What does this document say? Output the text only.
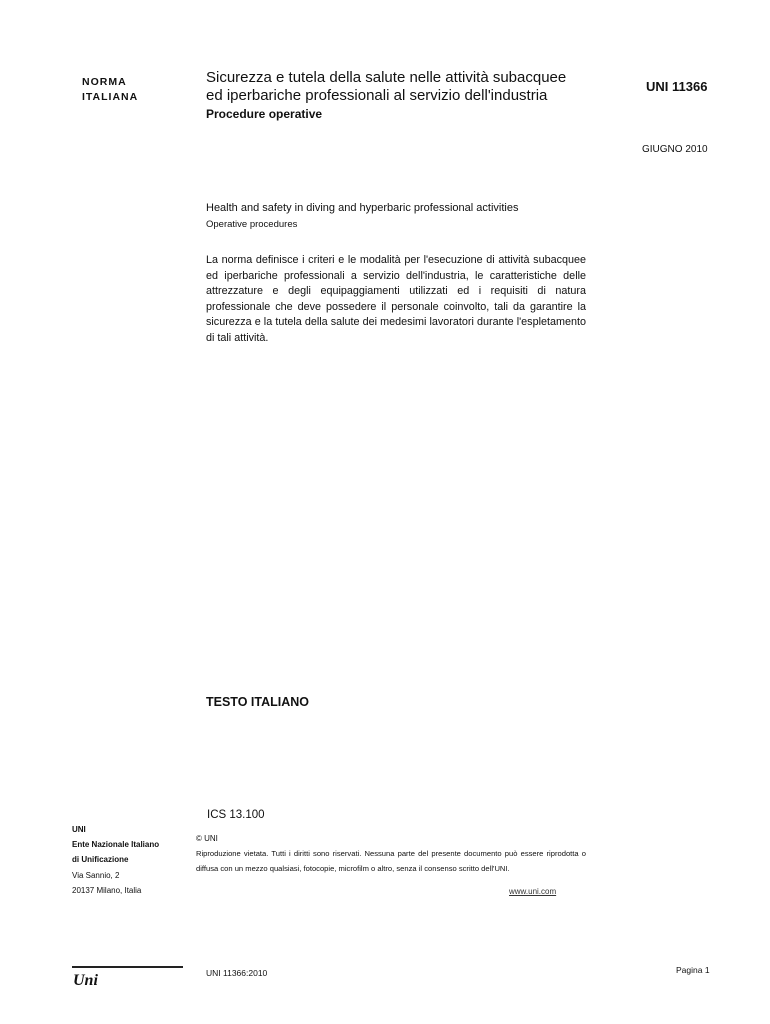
NORMA
ITALIANA
Sicurezza e tutela della salute nelle attività subacquee
ed iperbariche professionali al servizio dell'industria
Procedure operative
UNI 11366
GIUGNO 2010
Health and safety in diving and hyperbaric professional activities
Operative procedures
La norma definisce i criteri e le modalità per l'esecuzione di attività subacquee ed iperbariche professionali a servizio dell'industria, le caratteristiche delle attrezzature e degli equipaggiamenti utilizzati ed i requisiti di natura professionale che deve possedere il personale coinvolto, tali da garantire la sicurezza e la tutela della salute dei medesimi lavoratori durante l'espletamento di tali attività.
TESTO ITALIANO
ICS 13.100
© UNI
Riproduzione vietata. Tutti i diritti sono riservati. Nessuna parte del presente documento può essere riprodotta o diffusa con un mezzo qualsiasi, fotocopie, microfilm o altro, senza il consenso scritto dell'UNI.
www.uni.com
UNI
Ente Nazionale Italiano
di Unificazione
Via Sannio, 2
20137 Milano, Italia
Uni	UNI 11366:2010	Pagina 1
